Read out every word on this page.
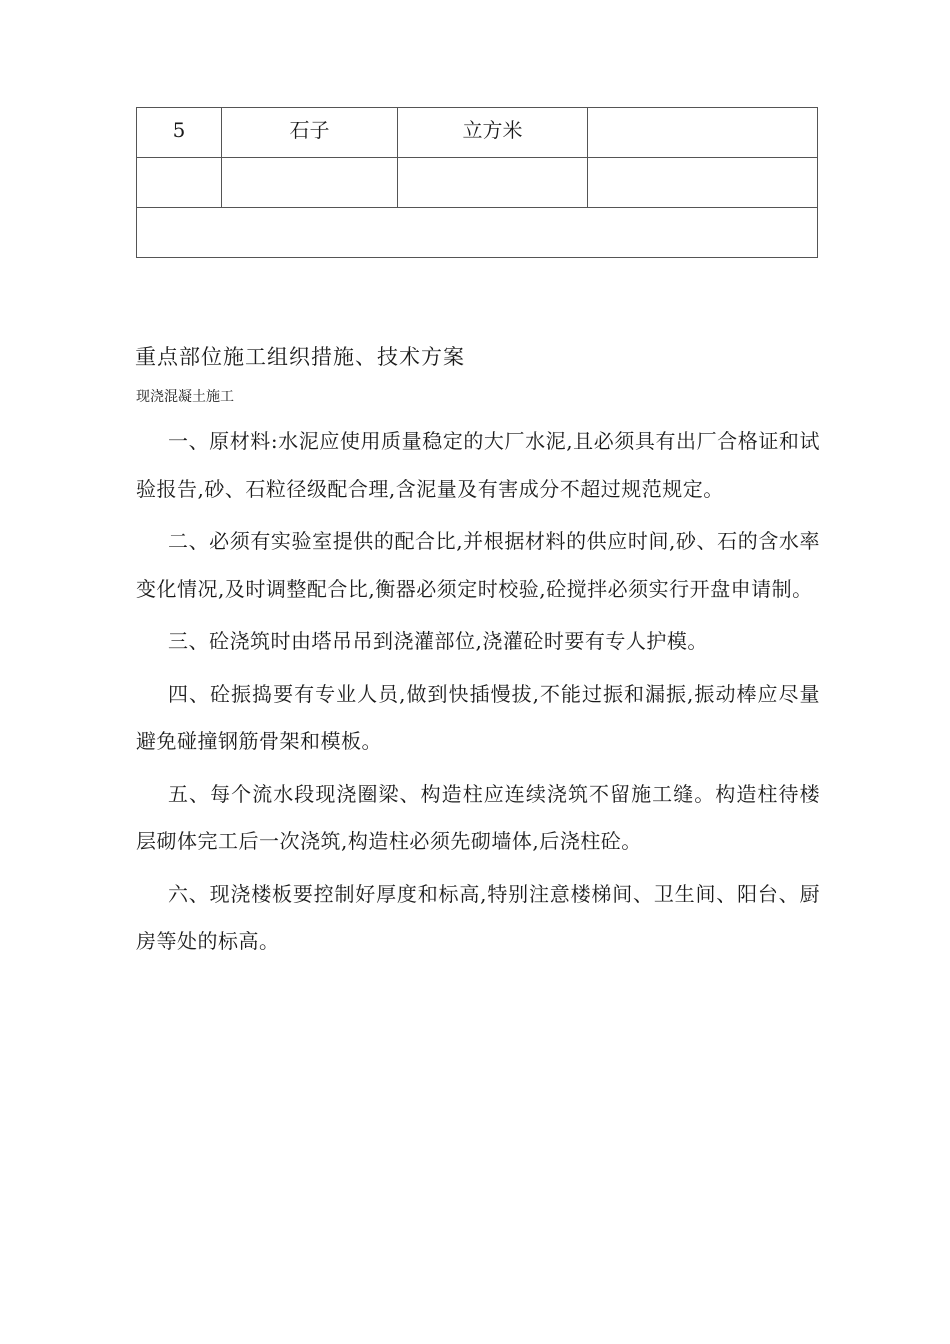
5	石子	立方米	

重点部位施工组织措施、技术方案
现浇混凝土施工

一、原材料:水泥应使用质量稳定的大厂水泥,且必须具有出厂合格证和试验报告,砂、石粒径级配合理,含泥量及有害成分不超过规范规定。

二、必须有实验室提供的配合比,并根据材料的供应时间,砂、石的含水率变化情况,及时调整配合比,衡器必须定时校验,砼搅拌必须实行开盘申请制。

三、砼浇筑时由塔吊吊到浇灌部位,浇灌砼时要有专人护模。

四、砼振捣要有专业人员,做到快插慢拔,不能过振和漏振,振动棒应尽量避免碰撞钢筋骨架和模板。

五、每个流水段现浇圈梁、构造柱应连续浇筑不留施工缝。构造柱待楼层砌体完工后一次浇筑,构造柱必须先砌墙体,后浇柱砼。

六、现浇楼板要控制好厚度和标高,特别注意楼梯间、卫生间、阳台、厨房等处的标高。
